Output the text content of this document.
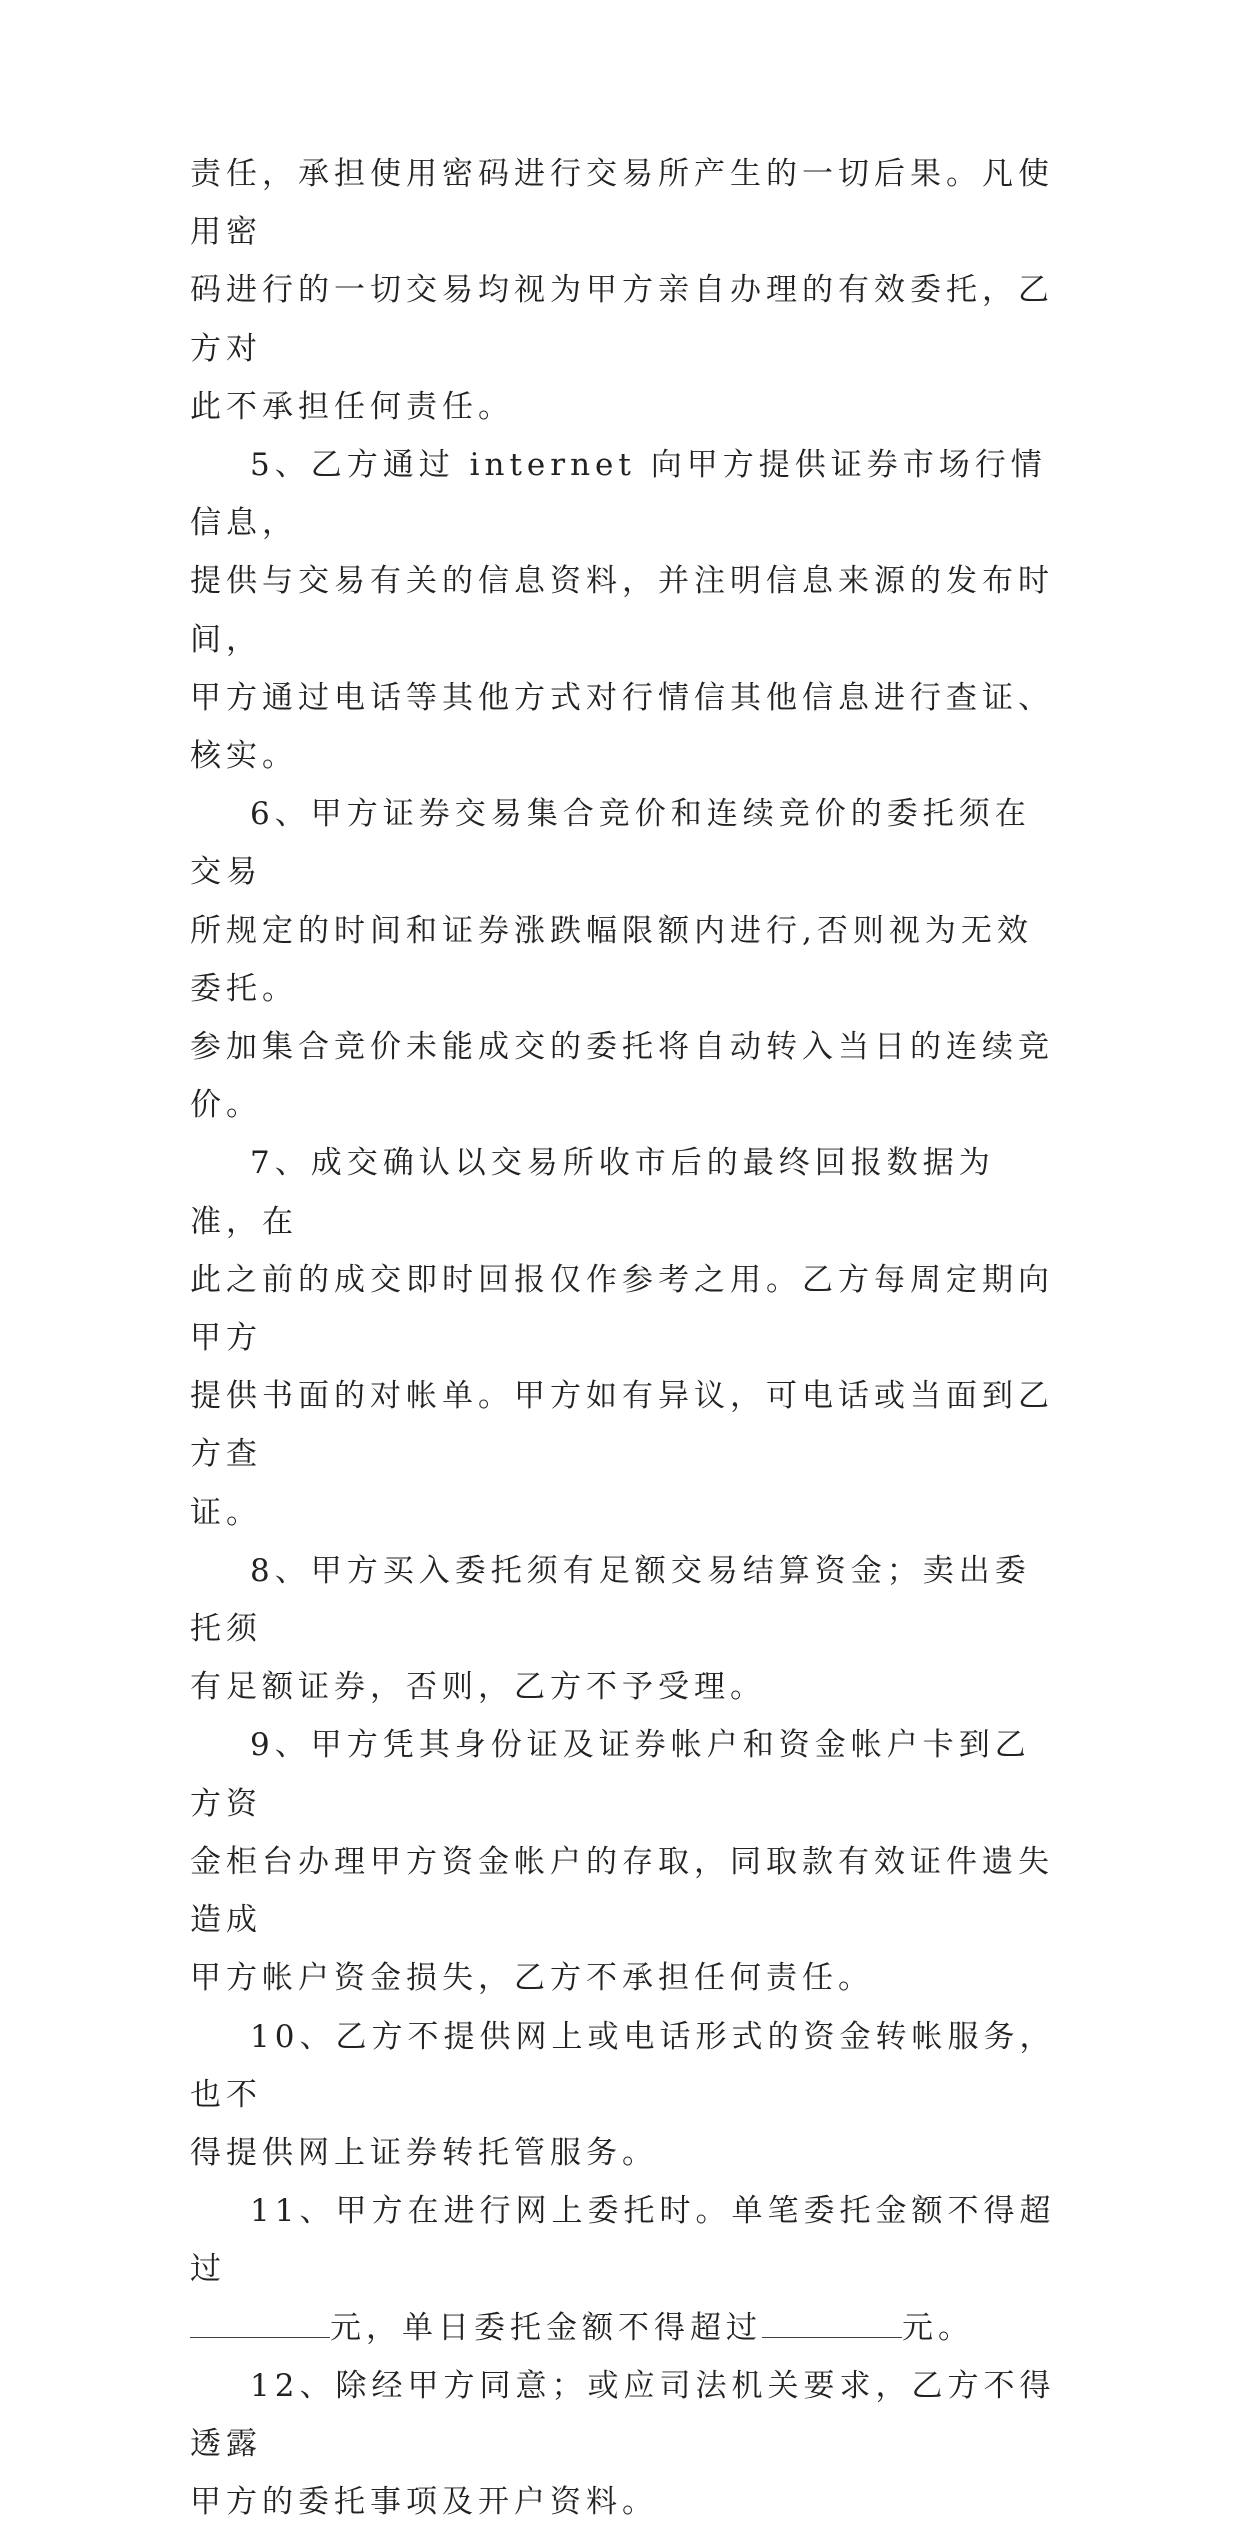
责任，承担使用密码进行交易所产生的一切后果。凡使用密
码进行的一切交易均视为甲方亲自办理的有效委托，乙方对
此不承担任何责任。

5、乙方通过 internet 向甲方提供证券市场行情信息，
提供与交易有关的信息资料，并注明信息来源的发布时间，
甲方通过电话等其他方式对行情信其他信息进行查证、核实。

6、甲方证券交易集合竞价和连续竞价的委托须在交易
所规定的时间和证券涨跌幅限额内进行,否则视为无效委托。
参加集合竞价未能成交的委托将自动转入当日的连续竞价。

7、成交确认以交易所收市后的最终回报数据为准，在
此之前的成交即时回报仅作参考之用。乙方每周定期向甲方
提供书面的对帐单。甲方如有异议，可电话或当面到乙方查
证。

8、甲方买入委托须有足额交易结算资金；卖出委托须
有足额证券，否则，乙方不予受理。

9、甲方凭其身份证及证券帐户和资金帐户卡到乙方资
金柜台办理甲方资金帐户的存取，同取款有效证件遗失造成
甲方帐户资金损失，乙方不承担任何责任。

10、乙方不提供网上或电话形式的资金转帐服务，也不
得提供网上证券转托管服务。

11、甲方在进行网上委托时。单笔委托金额不得超过
元，单日委托金额不得超过	元。

12、除经甲方同意；或应司法机关要求，乙方不得透露
甲方的委托事项及开户资料。
